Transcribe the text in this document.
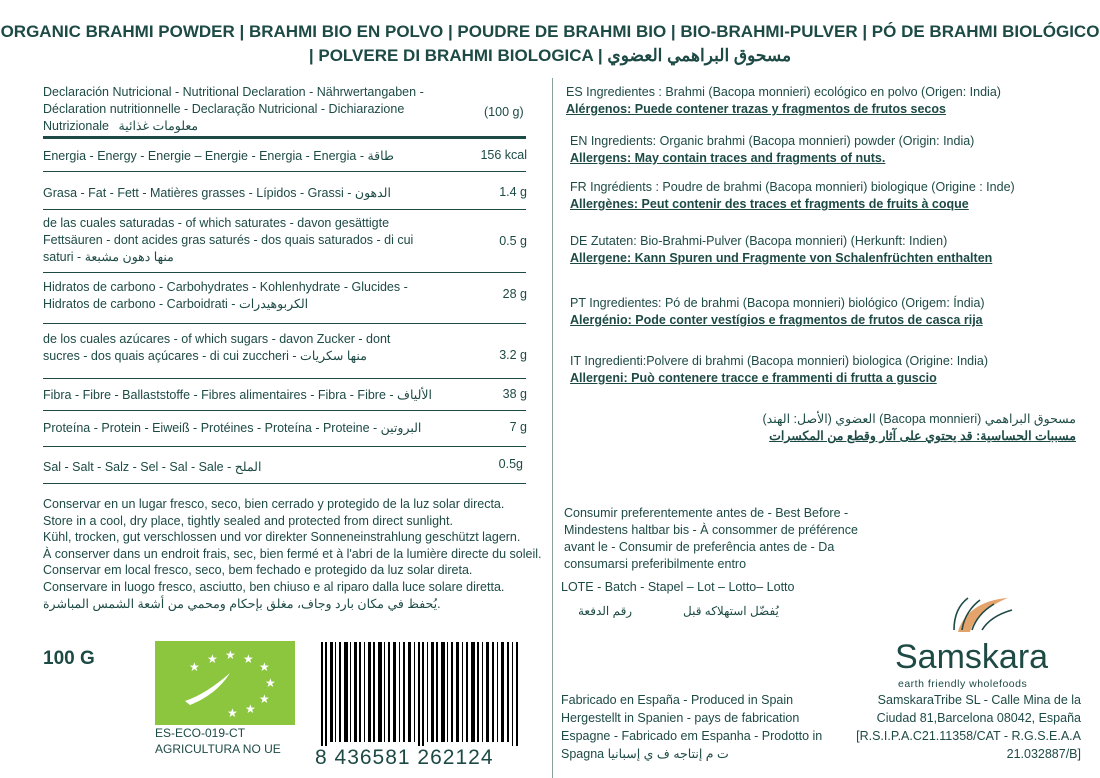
ORGANIC BRAHMI POWDER | BRAHMI BIO EN POLVO | POUDRE DE BRAHMI BIO | BIO-BRAHMI-PULVER | PÓ DE BRAHMI BIOLÓGICO
| POLVERE DI BRAHMI BIOLOGICA | مسحوق البراهمي العضوي
Declaración Nutricional - Nutritional Declaration - Nährwertangaben - Déclaration nutritionnelle - Declaração Nutricional - Dichiarazione Nutrizionale معلومات غذائية
(100 g)
Energia - Energy - Energie – Energie - Energia - Energia - طاقة	156 kcal
Grasa - Fat - Fett - Matières grasses - Lípidos - Grassi - الدهون	1.4 g
de las cuales saturadas - of which saturates - davon gesättigte Fettsäuren - dont acides gras saturés - dos quais saturados - di cui saturi - منها دهون مشبعة
0.5 g
Hidratos de carbono - Carbohydrates - Kohlenhydrate - Glucides - Hidratos de carbono - Carboidrati - الكربوهيدرات
28 g
de los cuales azúcares - of which sugars - davon Zucker - dont sucres - dos quais açúcares - di cui zuccheri - منها سكريات	3.2 g
Fibra - Fibre - Ballaststoffe - Fibres alimentaires - Fibra - Fibre - الألياف	38 g
Proteína - Protein - Eiweiß - Protéines - Proteína - Proteine - البروتين	7 g
Sal - Salt - Salz - Sel - Sal - Sale - الملح	0.5g
Conservar en un lugar fresco, seco, bien cerrado y protegido de la luz solar directa.
Store in a cool, dry place, tightly sealed and protected from direct sunlight.
Kühl, trocken, gut verschlossen und vor direkter Sonneneinstrahlung geschützt lagern.
À conserver dans un endroit frais, sec, bien fermé et à l'abri de la lumière directe du soleil.
Conservar em local fresco, seco, bem fechado e protegido da luz solar direta.
Conservare in luogo fresco, asciutto, ben chiuso e al riparo dalla luce solare diretta.
يُحفظ في مكان بارد وجاف، مغلق بإحكام ومحمي من أشعة الشمس المباشرة.
ES Ingredientes : Brahmi (Bacopa monnieri) ecológico en polvo (Origen: India)
Alérgenos: Puede contener trazas y fragmentos de frutos secos
EN Ingredients: Organic brahmi (Bacopa monnieri) powder (Origin: India)
Allergens: May contain traces and fragments of nuts.
FR Ingrédients : Poudre de brahmi (Bacopa monnieri) biologique (Origine : Inde)
Allergènes: Peut contenir des traces et fragments de fruits à coque
DE Zutaten: Bio-Brahmi-Pulver (Bacopa monnieri) (Herkunft: Indien)
Allergene: Kann Spuren und Fragmente von Schalenfrüchten enthalten
PT Ingredientes: Pó de brahmi (Bacopa monnieri) biológico (Origem: Índia)
Alergénio: Pode conter vestígios e fragmentos de frutos de casca rija
IT Ingredienti:Polvere di brahmi (Bacopa monnieri) biologica (Origine: India)
Allergeni: Può contenere tracce e frammenti di frutta a guscio
مسحوق البراهمي (Bacopa monnieri) العضوي (الأصل: الهند)
مسببات الحساسية: قد يحتوي على آثار وقطع من المكسرات
Consumir preferentemente antes de - Best Before - Mindestens haltbar bis - À consommer de préférence avant le - Consumir de preferência antes de - Da consumarsi preferibilmente entro
LOTE - Batch - Stapel – Lot – Lotto– Lotto
رقم الدفعة	يُفضّل استهلاكه قبل
100 G	★
★ ★ ★
★
★
★
★
★
ES-ECO-019-CT
AGRICULTURA NO UE 8 436581 262124
Fabricado en España - Produced in Spain Hergestellt in Spanien - pays de fabrication Espagne - Fabricado em Espanha - Prodotto in Spagna ت م إنتاجه ف ي إسبانيا
Samskara
earth friendly wholefoods
SamskaraTribe SL - Calle Mina de la Ciudad 81,Barcelona 08042, España [R.S.I.P.A.C21.11358/CAT - R.G.S.E.A.A 21.032887/B]
